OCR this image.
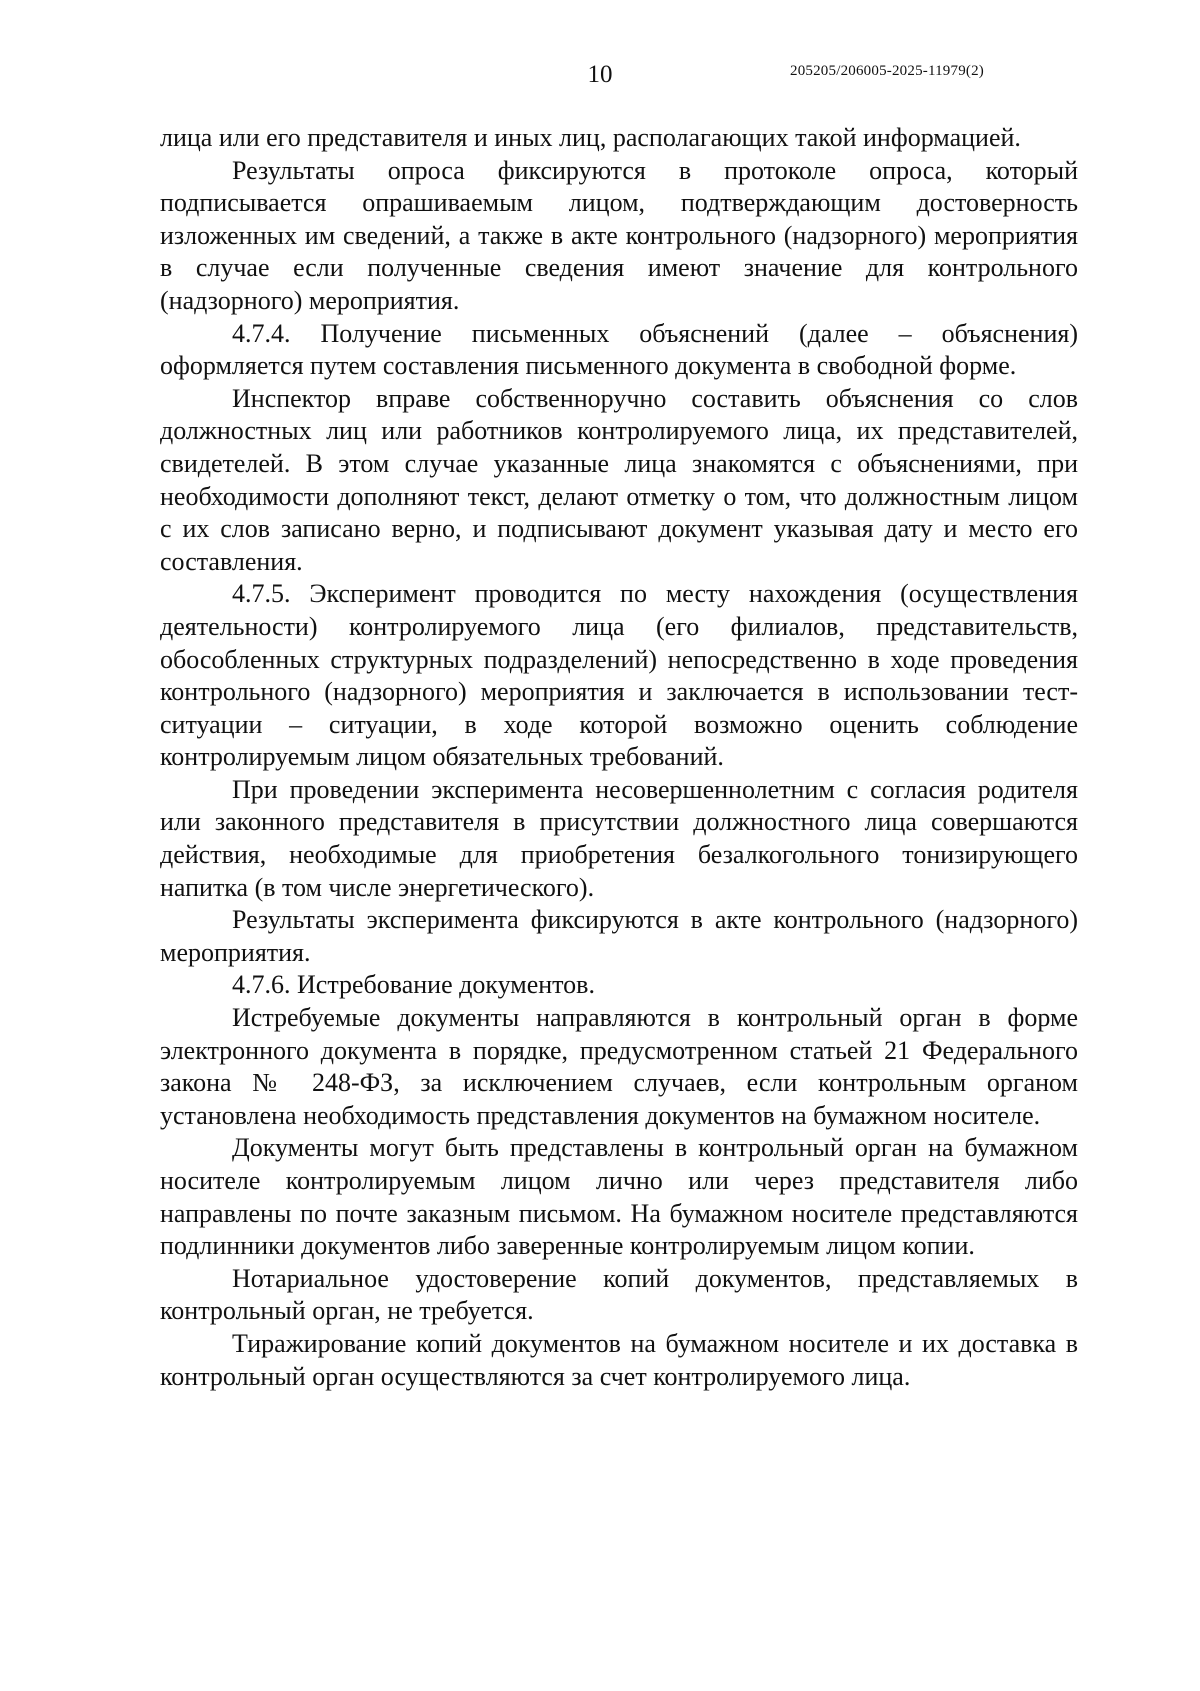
10	205205/206005-2025-11979(2)

лица или его представителя и иных лиц, располагающих такой информацией.

Результаты опроса фиксируются в протоколе опроса, который подписывается опрашиваемым лицом, подтверждающим достоверность изложенных им сведений, а также в акте контрольного (надзорного) мероприятия в случае если полученные сведения имеют значение для контрольного (надзорного) мероприятия.

4.7.4. Получение письменных объяснений (далее – объяснения) оформляется путем составления письменного документа в свободной форме.

Инспектор вправе собственноручно составить объяснения со слов должностных лиц или работников контролируемого лица, их представителей, свидетелей. В этом случае указанные лица знакомятся с объяснениями, при необходимости дополняют текст, делают отметку о том, что должностным лицом с их слов записано верно, и подписывают документ указывая дату и место его составления.

4.7.5. Эксперимент проводится по месту нахождения (осуществления деятельности) контролируемого лица (его филиалов, представительств, обособленных структурных подразделений) непосредственно в ходе проведения контрольного (надзорного) мероприятия и заключается в использовании тест-ситуации – ситуации, в ходе которой возможно оценить соблюдение контролируемым лицом обязательных требований.

При проведении эксперимента несовершеннолетним с согласия родителя или законного представителя в присутствии должностного лица совершаются действия, необходимые для приобретения безалкогольного тонизирующего напитка (в том числе энергетического).

Результаты эксперимента фиксируются в акте контрольного (надзорного) мероприятия.

4.7.6. Истребование документов.

Истребуемые документы направляются в контрольный орган в форме электронного документа в порядке, предусмотренном статьей 21 Федерального закона № 248-ФЗ, за исключением случаев, если контрольным органом установлена необходимость представления документов на бумажном носителе.

Документы могут быть представлены в контрольный орган на бумажном носителе контролируемым лицом лично или через представителя либо направлены по почте заказным письмом. На бумажном носителе представляются подлинники документов либо заверенные контролируемым лицом копии.

Нотариальное удостоверение копий документов, представляемых в контрольный орган, не требуется.

Тиражирование копий документов на бумажном носителе и их доставка в контрольный орган осуществляются за счет контролируемого лица.
